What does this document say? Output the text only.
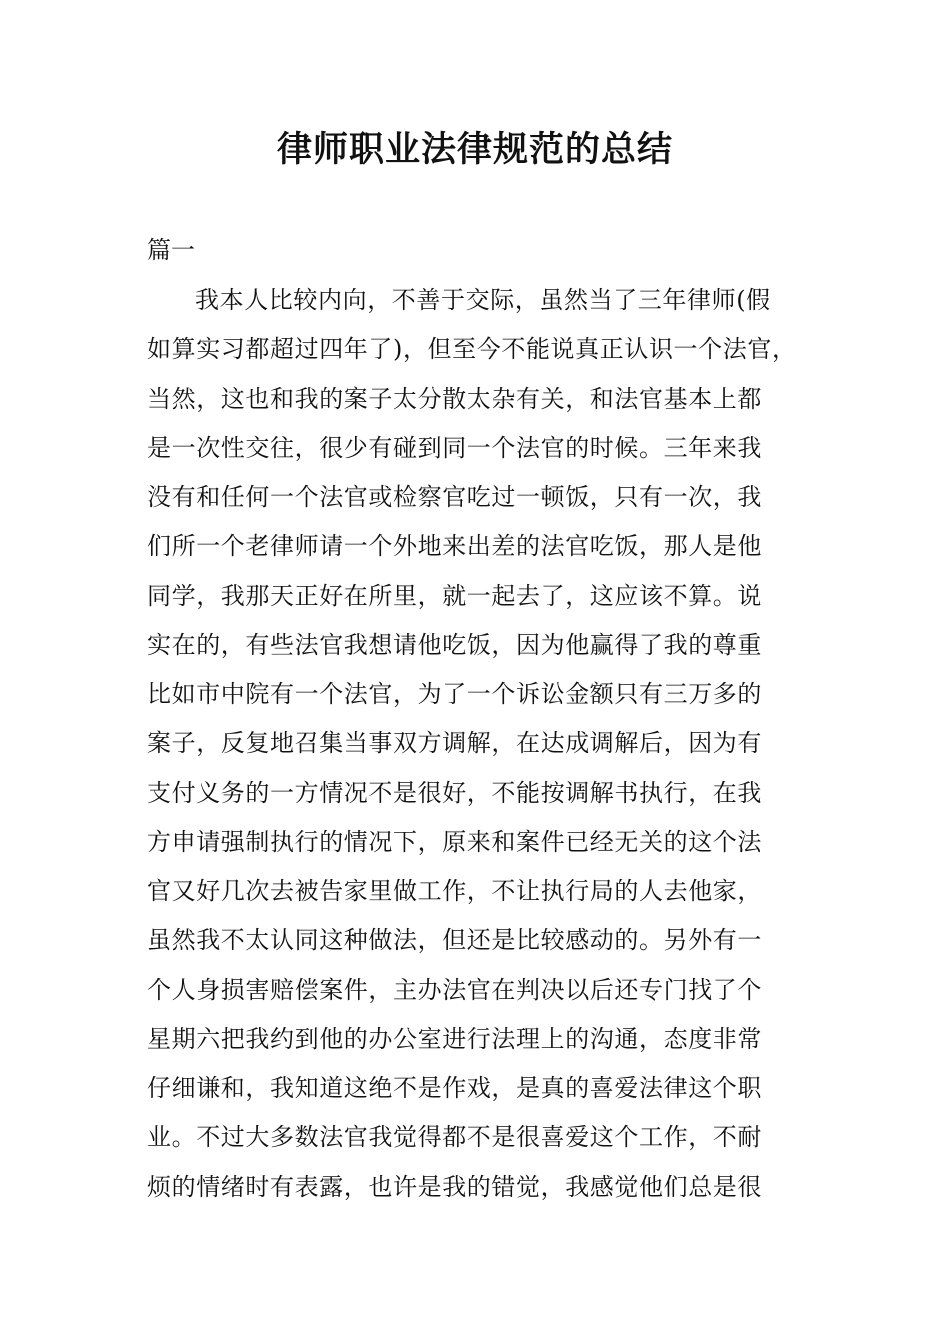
律师职业法律规范的总结

篇一

我本人比较内向，不善于交际，虽然当了三年律师(假
如算实习都超过四年了)，但至今不能说真正认识一个法官，
当然，这也和我的案子太分散太杂有关，和法官基本上都
是一次性交往，很少有碰到同一个法官的时候。三年来我
没有和任何一个法官或检察官吃过一顿饭，只有一次，我
们所一个老律师请一个外地来出差的法官吃饭，那人是他
同学，我那天正好在所里，就一起去了，这应该不算。说
实在的，有些法官我想请他吃饭，因为他赢得了我的尊重
比如市中院有一个法官，为了一个诉讼金额只有三万多的
案子，反复地召集当事双方调解，在达成调解后，因为有
支付义务的一方情况不是很好，不能按调解书执行，在我
方申请强制执行的情况下，原来和案件已经无关的这个法
官又好几次去被告家里做工作，不让执行局的人去他家，
虽然我不太认同这种做法，但还是比较感动的。另外有一
个人身损害赔偿案件，主办法官在判决以后还专门找了个
星期六把我约到他的办公室进行法理上的沟通，态度非常
仔细谦和，我知道这绝不是作戏，是真的喜爱法律这个职
业。不过大多数法官我觉得都不是很喜爱这个工作，不耐
烦的情绪时有表露，也许是我的错觉，我感觉他们总是很
